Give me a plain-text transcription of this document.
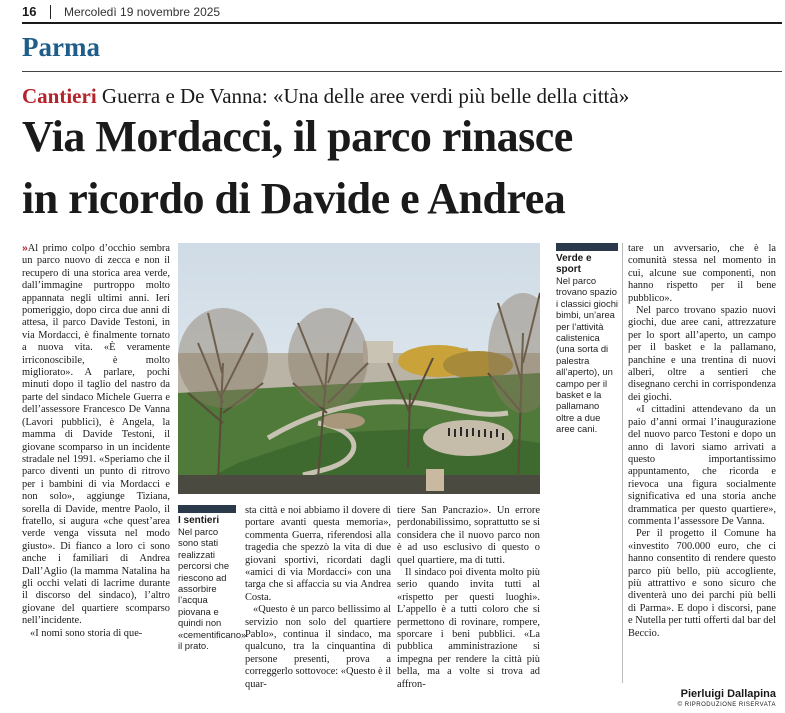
16 Mercoledì 19 novembre 2025
Parma
Cantieri Guerra e De Vanna: «Una delle aree verdi più belle della città»
Via Mordacci, il parco rinasce
in ricordo di Davide e Andrea

»Al primo colpo d’occhio sembra un parco nuovo di zecca e non il recupero di una storica area verde, dall’immagine purtroppo molto appannata negli ultimi anni. Ieri pomeriggio, dopo circa due anni di attesa, il parco Davide Testoni, in via Mordacci, è finalmente tornato a nuova vita. «È veramente irriconoscibile, è molto migliorato». A parlare, pochi minuti dopo il taglio del nastro da parte del sindaco Michele Guerra e dell’assessore Francesco De Vanna (Lavori pubblici), è Angela, la mamma di Davide Testoni, il giovane scomparso in un incidente stradale nel 1991. «Speriamo che il parco diventi un punto di ritrovo per i bambini di via Mordacci e non solo», aggiunge Tiziana, sorella di Davide, mentre Paolo, il fratello, si augura «che quest’area verde venga vissuta nel modo giusto». Di fianco a loro ci sono anche i familiari di Andrea Dall’Aglio (la mamma Natalina ha gli occhi velati di lacrime durante il discorso del sindaco), l’altro giovane del quartiere scomparso nell’incidente.

«I nomi sono storia di que-

I sentieri
Nel parco sono stati realizzati percorsi che riescono ad assorbire l’acqua piovana e quindi non «cementificano» il prato.

sta città e noi abbiamo il dovere di portare avanti questa memoria», commenta Guerra, riferendosi alla tragedia che spezzò la vita di due giovani sportivi, ricordati dagli «amici di via Mordacci» con una targa che si affaccia su via Andrea Costa.

«Questo è un parco bellissimo al servizio non solo del quartiere Pablo», continua il sindaco, ma qualcuno, tra la cinquantina di persone presenti, prova a correggerlo sottovoce: «Questo è il quar-

tiere San Pancrazio». Un errore perdonabilissimo, soprattutto se si considera che il nuovo parco non è ad uso esclusivo di questo o quel quartiere, ma di tutti.

Il sindaco poi diventa molto più serio quando invita tutti al «rispetto per questi luoghi». L’appello è a tutti coloro che si permettono di rovinare, rompere, sporcare i beni pubblici. «La pubblica amministrazione si impegna per rendere la città più bella, ma a volte si trova ad affron-

Verde e sport
Nel parco trovano spazio i classici giochi bimbi, un’area per l’attività calistenica (una sorta di palestra all’aperto), un campo per il basket e la pallamano oltre a due aree cani.

tare un avversario, che è la comunità stessa nel momento in cui, alcune sue componenti, non hanno rispetto per il bene pubblico».

Nel parco trovano spazio nuovi giochi, due aree cani, attrezzature per lo sport all’aperto, un campo per il basket e la pallamano, panchine e una trentina di nuovi alberi, oltre a sentieri che disegnano cerchi in corrispondenza dei giochi.

«I cittadini attendevano da un paio d’anni ormai l’inaugurazione del nuovo parco Testoni e dopo un anno di lavori siamo arrivati a questo importantissimo appuntamento, che ricorda e rievoca una figura socialmente significativa ed una storia anche drammatica per questo quartiere», commenta l’assessore De Vanna.

Per il progetto il Comune ha «investito 700.000 euro, che ci hanno consentito di rendere questo parco più bello, più accogliente, più attrattivo e sono sicuro che diventerà uno dei parchi più belli di Parma». E dopo i discorsi, pane e Nutella per tutti offerti dal bar del Beccio.

Pierluigi Dallapina
© RIPRODUZIONE RISERVATA
